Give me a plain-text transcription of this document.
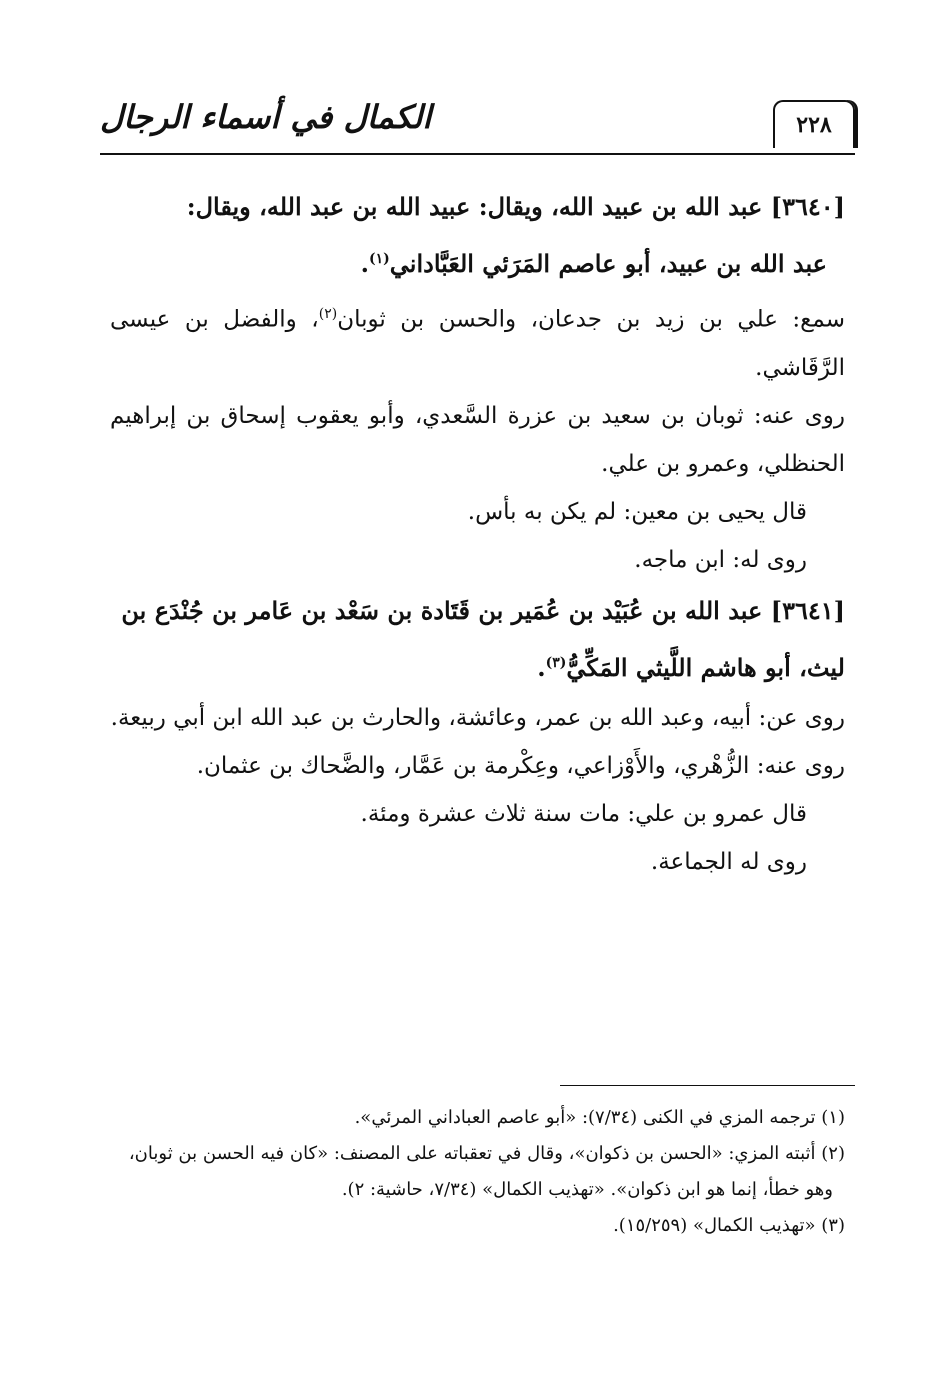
الكمال في أسماء الرجال	٢٢٨

[٣٦٤٠] عبد الله بن عبيد الله، ويقال: عبيد الله بن عبد الله، ويقال:
عبد الله بن عبيد، أبو عاصم المَرَئي العَبَّاداني$^{(١)}$.

سمع: علي بن زيد بن جدعان، والحسن بن ثوبان$^{(٢)}$، والفضل بن عيسى الرَّقَاشي.

روى عنه: ثوبان بن سعيد بن عزرة السَّعدي، وأبو يعقوب إسحاق بن إبراهيم الحنظلي، وعمرو بن علي.

قال يحيى بن معين: لم يكن به بأس.

روى له: ابن ماجه.

[٣٦٤١] عبد الله بن عُبَيْد بن عُمَير بن قَتَادة بن سَعْد بن عَامر بن جُنْدَع بن
ليث، أبو هاشم اللَّيثي المَكِّيُّ$^{(٣)}$.

روى عن: أبيه، وعبد الله بن عمر، وعائشة، والحارث بن عبد الله ابن أبي ربيعة.

روى عنه: الزُّهْري، والأَوْزاعي، وعِكْرمة بن عَمَّار، والضَّحاك بن عثمان.

قال عمرو بن علي: مات سنة ثلاث عشرة ومئة.

روى له الجماعة.

(١) ترجمه المزي في الكنى (٧/٣٤): «أبو عاصم العباداني المرئي».

(٢) أثبته المزي: «الحسن بن ذكوان»، وقال في تعقباته على المصنف: «كان فيه الحسن بن ثوبان،

وهو خطأ، إنما هو ابن ذكوان». «تهذيب الكمال» (٧/٣٤، حاشية: ٢).

(٣) «تهذيب الكمال» (١٥/٢٥٩).
